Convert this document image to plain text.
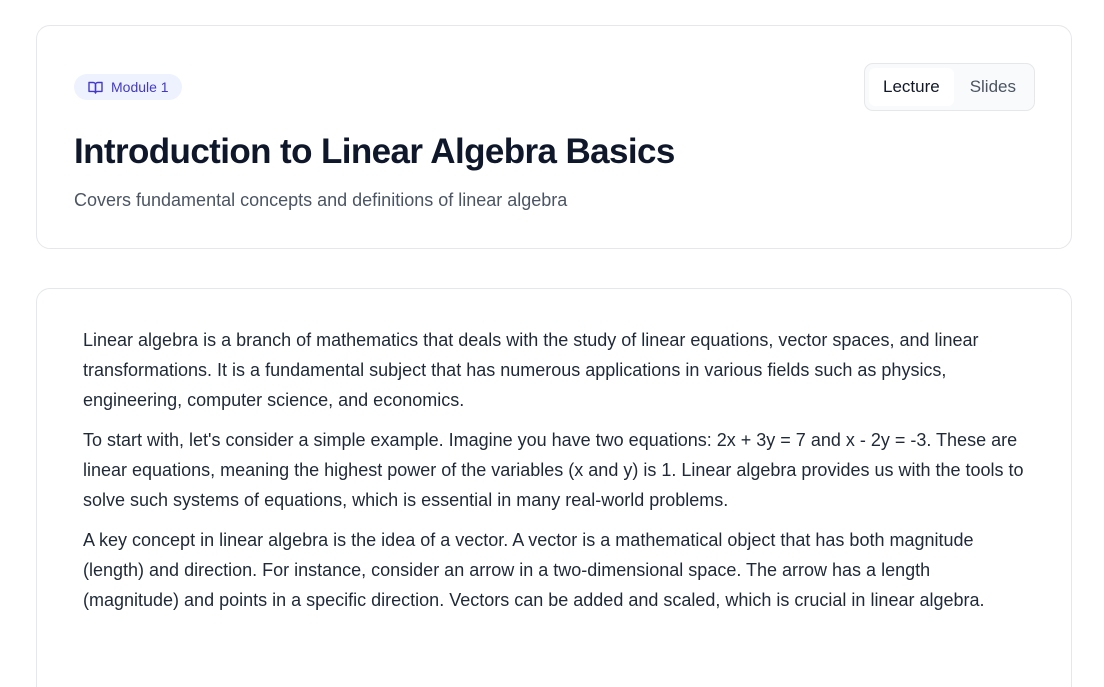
Module 1	Lecture	Slides
Introduction to Linear Algebra Basics

Covers fundamental concepts and definitions of linear algebra

Linear algebra is a branch of mathematics that deals with the study of linear equations, vector spaces, and linear transformations. It is a fundamental subject that has numerous applications in various fields such as physics, engineering, computer science, and economics.

To start with, let's consider a simple example. Imagine you have two equations: 2x + 3y = 7 and x - 2y = -3. These are linear equations, meaning the highest power of the variables (x and y) is 1. Linear algebra provides us with the tools to solve such systems of equations, which is essential in many real-world problems.

A key concept in linear algebra is the idea of a vector. A vector is a mathematical object that has both magnitude (length) and direction. For instance, consider an arrow in a two-dimensional space. The arrow has a length (magnitude) and points in a specific direction. Vectors can be added and scaled, which is crucial in linear algebra.
